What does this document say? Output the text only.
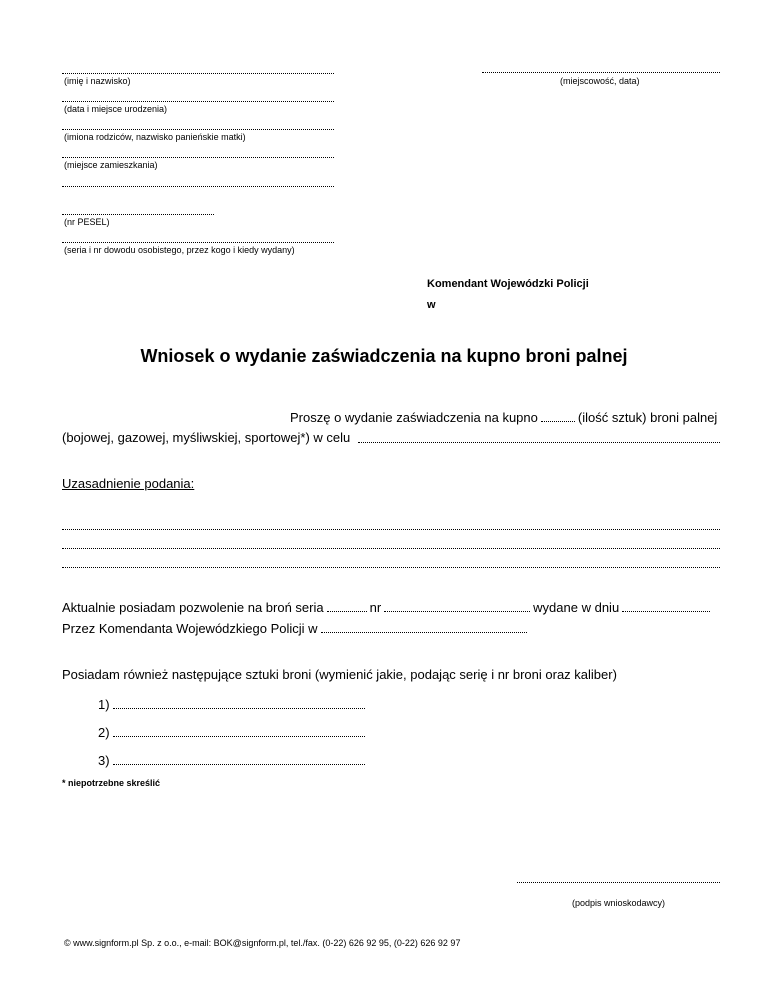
(imię i nazwisko)	(miejscowość, data)
(data i miejsce urodzenia)
(imiona rodziców, nazwisko panieńskie matki)
(miejsce zamieszkania)
(nr PESEL)
(seria i nr dowodu osobistego, przez kogo i kiedy wydany)
Komendant Wojewódzki Policji
w
Wniosek o wydanie zaświadczenia na kupno broni palnej
Proszę o wydanie zaświadczenia na kupno	(ilość sztuk) broni palnej
(bojowej, gazowej, myśliwskiej, sportowej*) w celu
Uzasadnienie podania:
Aktualnie posiadam pozwolenie na broń seria	nr	wydane w dniu
Przez Komendanta Wojewódzkiego Policji w
Posiadam również następujące sztuki broni (wymienić jakie, podając serię i nr broni oraz kaliber)
1)
2)
3)
* niepotrzebne skreślić
(podpis wnioskodawcy)
© www.signform.pl Sp. z o.o., e-mail: BOK@signform.pl, tel./fax. (0-22) 626 92 95, (0-22) 626 92 97
